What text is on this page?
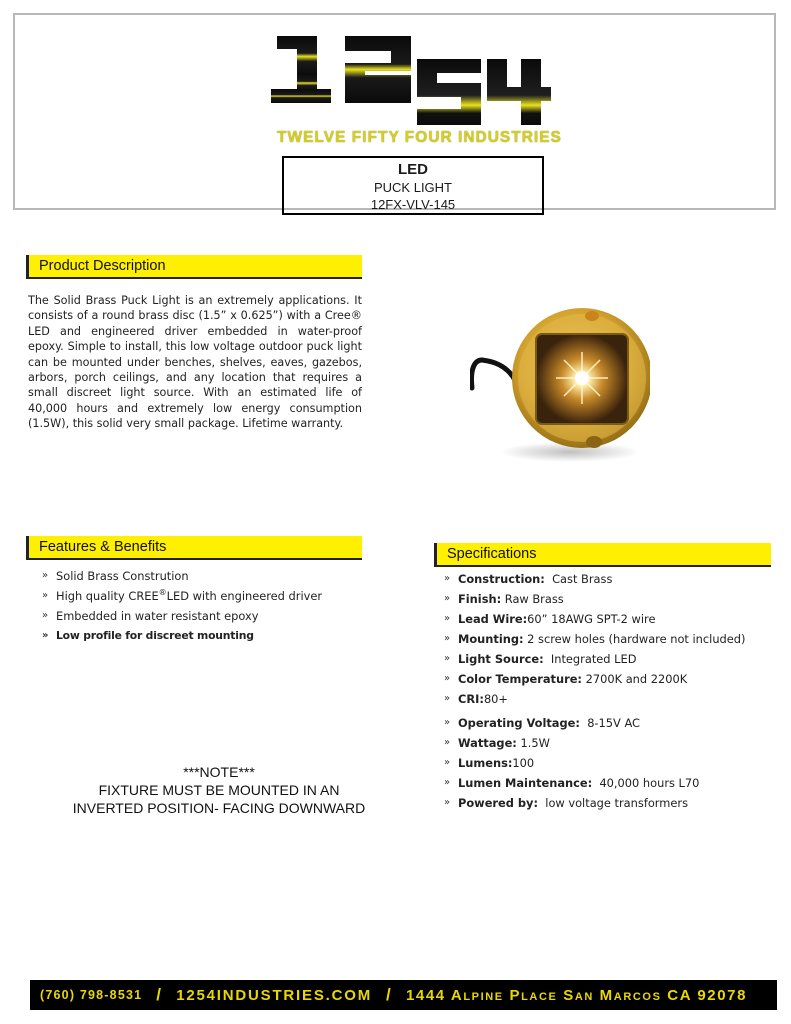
TWELVE FIFTY FOUR INDUSTRIES
LED
PUCK LIGHT
12FX-VLV-145
Product Description
The Solid Brass Puck Light is an extremely applications. It consists of a round brass disc (1.5” x 0.625”) with a Cree® LED and engineered driver embedded in water-proof epoxy. Simple to install, this low voltage outdoor puck light can be mounted under benches, shelves, eaves, gazebos, arbors, porch ceilings, and any location that requires a small discreet light source. With an estimated life of 40,000 hours and extremely low energy consumption (1.5W), this solid very small package. Lifetime warranty.
Features & Benefits
» Solid Brass Constrution
» High quality CREE®LED with engineered driver
» Embedded in water resistant epoxy
» Low profile for discreet mounting
***NOTE***
FIXTURE MUST BE MOUNTED IN AN
INVERTED POSITION- FACING DOWNWARD
Specifications
» Construction: Cast Brass
» Finish: Raw Brass
» Lead Wire:60” 18AWG SPT-2 wire
» Mounting: 2 screw holes (hardware not included)
» Light Source: Integrated LED
» Color Temperature: 2700K and 2200K
» CRI:80+
» Operating Voltage: 8-15V AC
» Wattage: 1.5W
» Lumens:100
» Lumen Maintenance: 40,000 hours L70
» Powered by: low voltage transformers
(760) 798-8531 / 1254INDUSTRIES.COM / 1444 Alpine Place San Marcos CA 92078
